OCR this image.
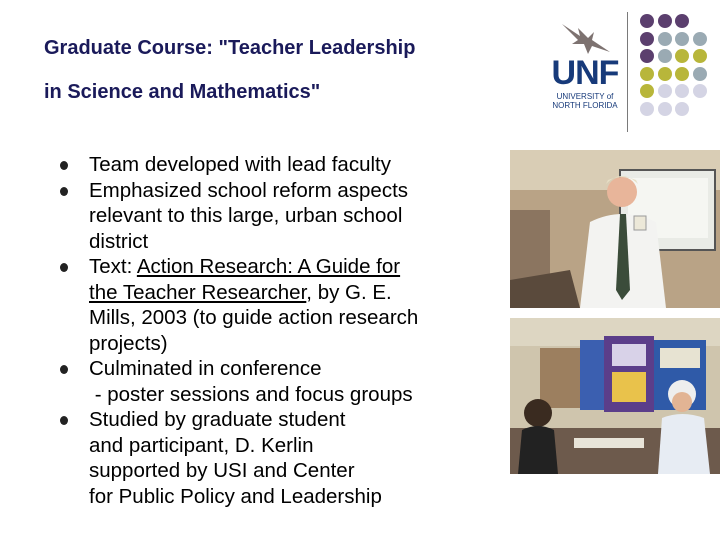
Graduate Course: "Teacher Leadership
in Science and Mathematics"	UNF
UNIVERSITY of
NORTH FLORIDA
Team developed with lead faculty
Emphasized school reform aspects
relevant to this large, urban school
district
Text: Action Research: A Guide for
the Teacher Researcher, by G. E.
Mills, 2003 (to guide action research
projects)
Culminated in conference
- poster sessions and focus groups
Studied by graduate student
and participant, D. Kerlin
supported by USI and Center
for Public Policy and Leadership
